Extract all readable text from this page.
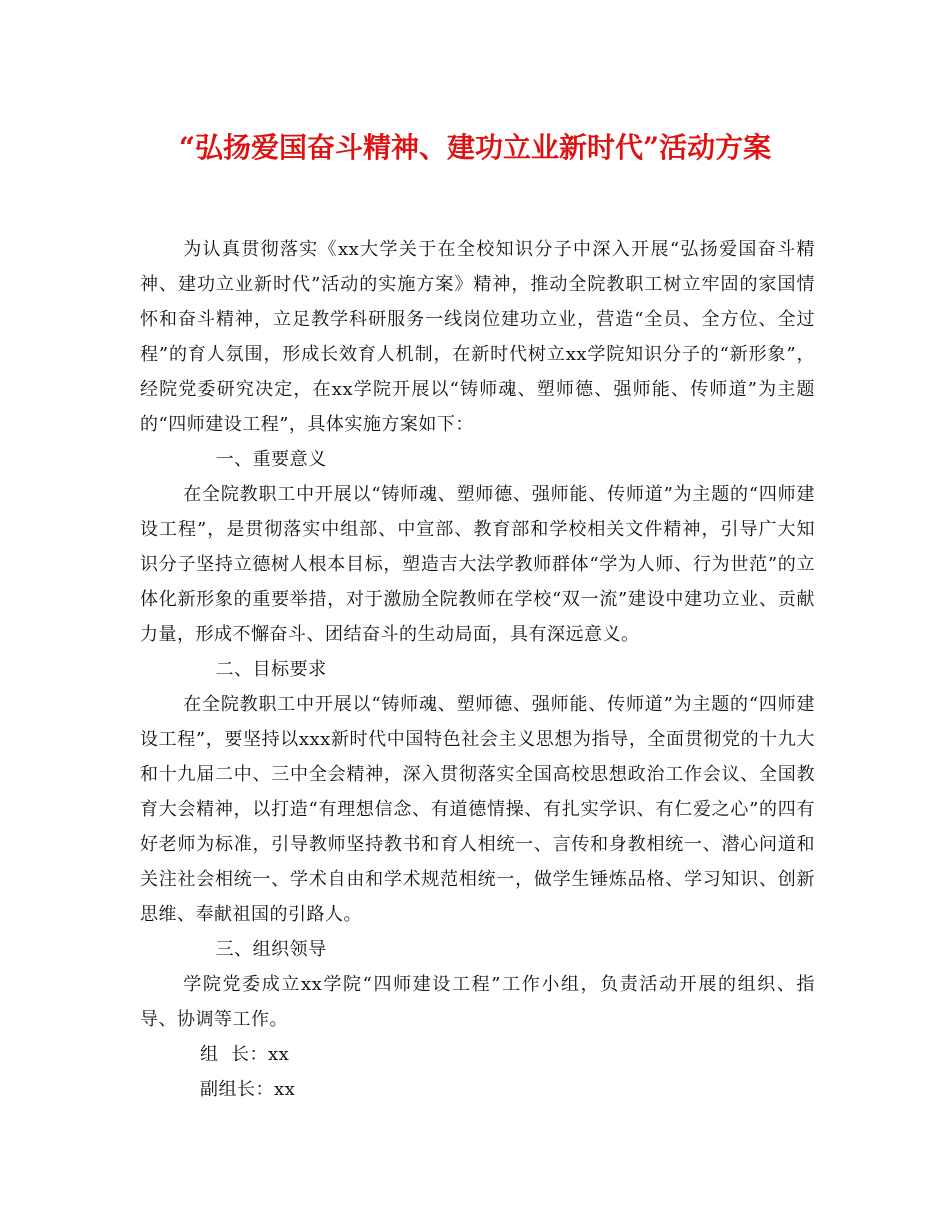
“弘扬爱国奋斗精神、建功立业新时代”活动方案

为认真贯彻落实《xx大学关于在全校知识分子中深入开展“弘扬爱国奋斗精神、建功立业新时代”活动的实施方案》精神，推动全院教职工树立牢固的家国情怀和奋斗精神，立足教学科研服务一线岗位建功立业，营造“全员、全方位、全过程”的育人氛围，形成长效育人机制，在新时代树立xx学院知识分子的“新形象”，经院党委研究决定，在xx学院开展以“铸师魂、塑师德、强师能、传师道”为主题的“四师建设工程”，具体实施方案如下：

一、重要意义

在全院教职工中开展以“铸师魂、塑师德、强师能、传师道”为主题的“四师建设工程”，是贯彻落实中组部、中宣部、教育部和学校相关文件精神，引导广大知识分子坚持立德树人根本目标，塑造吉大法学教师群体“学为人师、行为世范”的立体化新形象的重要举措，对于激励全院教师在学校“双一流”建设中建功立业、贡献力量，形成不懈奋斗、团结奋斗的生动局面，具有深远意义。

二、目标要求

在全院教职工中开展以“铸师魂、塑师德、强师能、传师道”为主题的“四师建设工程”，要坚持以xxx新时代中国特色社会主义思想为指导，全面贯彻党的十九大和十九届二中、三中全会精神，深入贯彻落实全国高校思想政治工作会议、全国教育大会精神，以打造“有理想信念、有道德情操、有扎实学识、有仁爱之心”的四有好老师为标准，引导教师坚持教书和育人相统一、言传和身教相统一、潜心问道和关注社会相统一、学术自由和学术规范相统一，做学生锤炼品格、学习知识、创新思维、奉献祖国的引路人。

三、组织领导

学院党委成立xx学院“四师建设工程”工作小组，负责活动开展的组织、指导、协调等工作。

组  长：xx

副组长：xx
